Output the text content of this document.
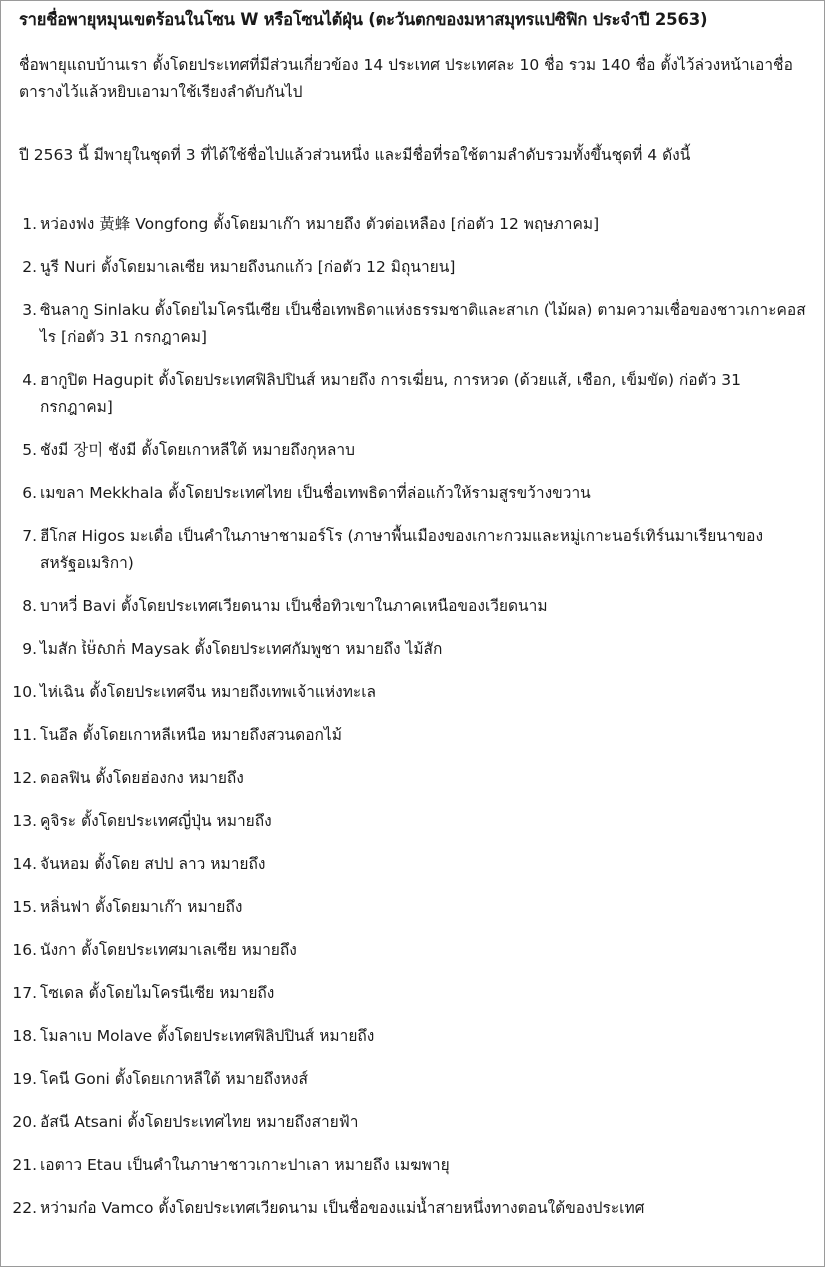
รายชื่อพายุหมุนเขตร้อนในโซน W หรือโซนไต้ฝุ่น (ตะวันตกของมหาสมุทรแปซิฟิก ประจำปี 2563)
ชื่อพายุแถบบ้านเรา ตั้งโดยประเทศที่มีส่วนเกี่ยวข้อง 14 ประเทศ ประเทศละ 10 ชื่อ รวม 140 ชื่อ ตั้งไว้ล่วงหน้าเอาชื่อตารางไว้แล้วหยิบเอามาใช้เรียงลำดับกันไป
ปี 2563 นี้ มีพายุในชุดที่ 3 ที่ได้ใช้ชื่อไปแล้วส่วนหนึ่ง และมีชื่อที่รอใช้ตามลำดับรวมทั้งขึ้นชุดที่ 4 ดังนี้
1. หว่องฟง 黃蜂 Vongfong ตั้งโดยมาเก๊า หมายถึง ตัวต่อเหลือง [ก่อตัว 12 พฤษภาคม]
2. นูรี Nuri ตั้งโดยมาเลเซีย หมายถึงนกแก้ว [ก่อตัว 12 มิถุนายน]
3. ซินลากู Sinlaku ตั้งโดยไมโครนีเซีย เป็นชื่อเทพธิดาแห่งธรรมชาติและสาเก (ไม้ผล) ตามความเชื่อของชาวเกาะคอสไร [ก่อตัว 31 กรกฎาคม]
4. ฮากูปิต Hagupit ตั้งโดยประเทศฟิลิปปินส์ หมายถึง การเฆี่ยน, การหวด (ด้วยแส้, เชือก, เข็มขัด) ก่อตัว 31 กรกฎาคม]
5. ชังมี 장미 ชังมี ตั้งโดยเกาหลีใต้ หมายถึงกุหลาบ
6. เมขลา Mekkhala ตั้งโดยประเทศไทย เป็นชื่อเทพธิดาที่ล่อแก้วให้รามสูรขว้างขวาน
7. ฮีโกส Higos มะเดื่อ เป็นคำในภาษาชามอร์โร (ภาษาพื้นเมืองของเกาะกวมและหมู่เกาะนอร์เทิร์นมาเรียนาของสหรัฐอเมริกา)
8. บาหวี่ Bavi ตั้งโดยประเทศเวียดนาม เป็นชื่อทิวเขาในภาคเหนือของเวียดนาม
9. ไมสัก ម៉ៃសាក់ Maysak ตั้งโดยประเทศกัมพูชา หมายถึง ไม้สัก
10. ไห่เฉิน ตั้งโดยประเทศจีน หมายถึงเทพเจ้าแห่งทะเล
11. โนอึล ตั้งโดยเกาหลีเหนือ หมายถึงสวนดอกไม้
12. ดอลฟิน ตั้งโดยฮ่องกง หมายถึง
13. คูจิระ ตั้งโดยประเทศญี่ปุ่น หมายถึง
14. จันหอม ตั้งโดย สปป ลาว หมายถึง
15. หลิ่นฟา ตั้งโดยมาเก๊า หมายถึง
16. นังกา ตั้งโดยประเทศมาเลเซีย หมายถึง
17. โซเดล ตั้งโดยไมโครนีเซีย หมายถึง
18. โมลาเบ Molave ตั้งโดยประเทศฟิลิปปินส์ หมายถึง
19. โคนี Goni ตั้งโดยเกาหลีใต้ หมายถึงหงส์
20. อัสนี Atsani ตั้งโดยประเทศไทย หมายถึงสายฟ้า
21. เอตาว Etau เป็นคำในภาษาชาวเกาะปาเลา หมายถึง เมฆพายุ
22. หว่ามก๋อ Vamco ตั้งโดยประเทศเวียดนาม เป็นชื่อของแม่น้ำสายหนึ่งทางตอนใต้ของประเทศ
